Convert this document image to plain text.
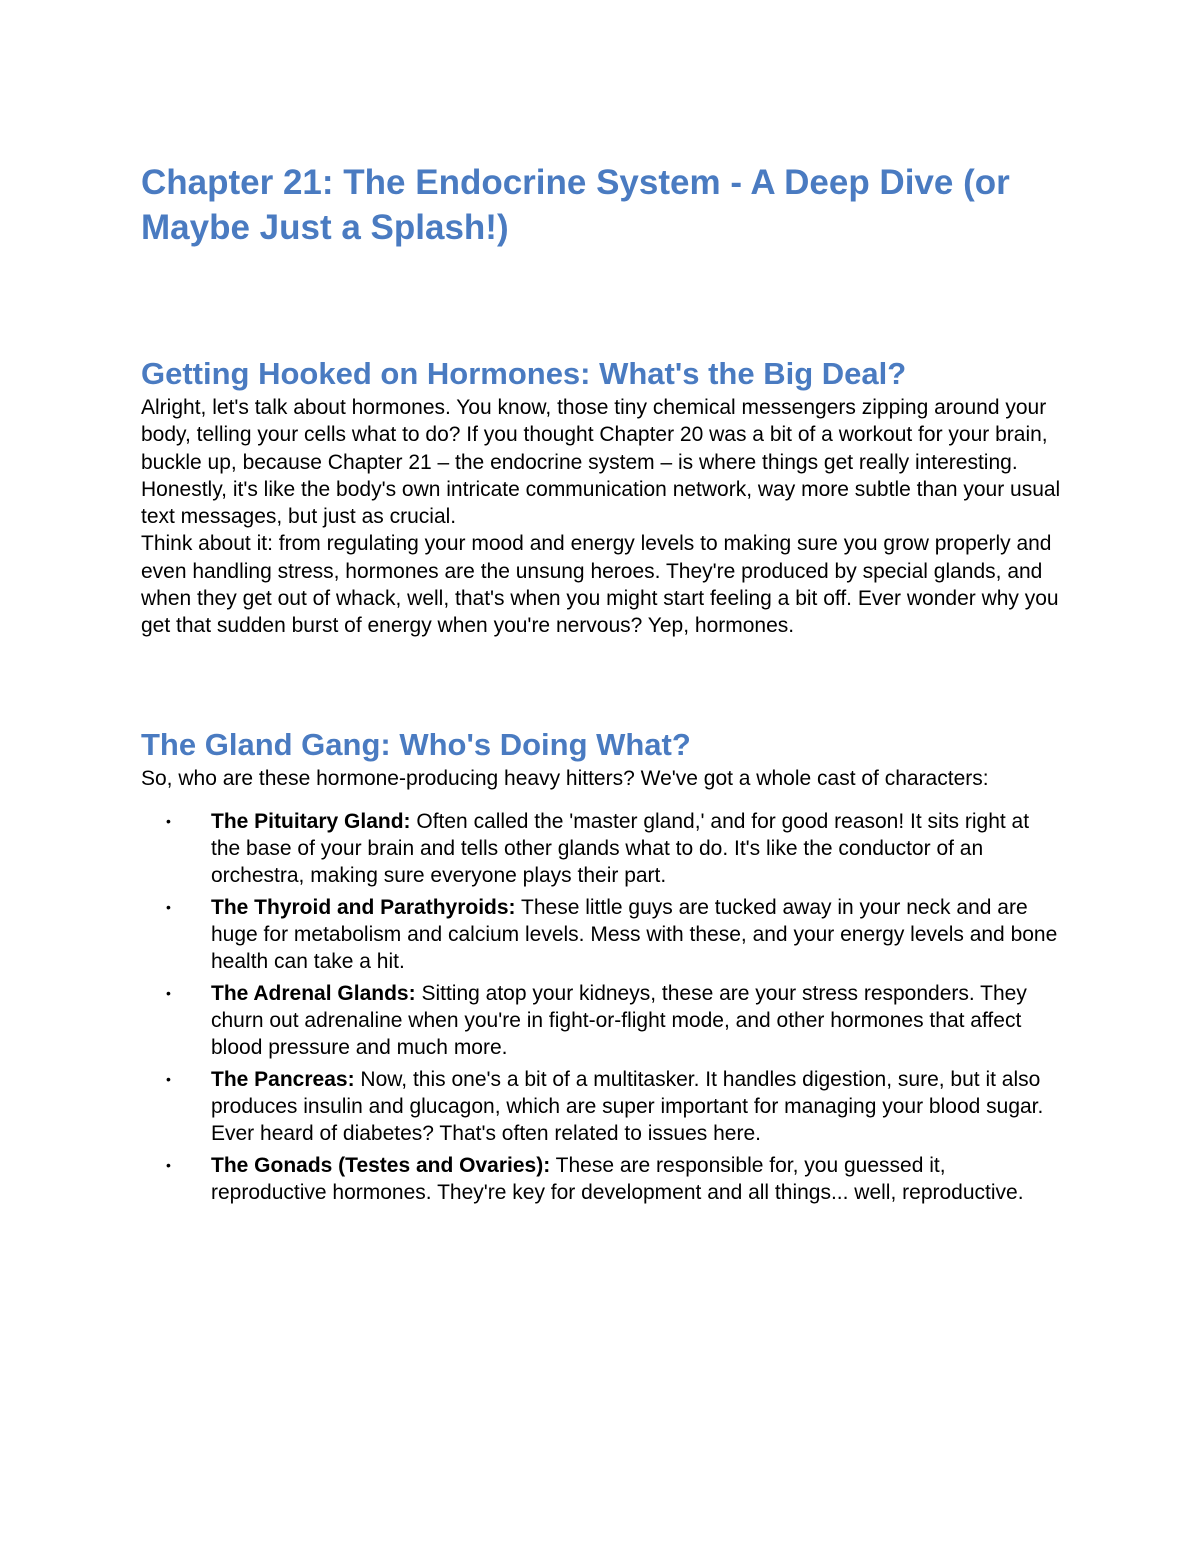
Chapter 21: The Endocrine System - A Deep Dive (or Maybe Just a Splash!)
Getting Hooked on Hormones: What's the Big Deal?

Alright, let's talk about hormones. You know, those tiny chemical messengers zipping around your body, telling your cells what to do? If you thought Chapter 20 was a bit of a workout for your brain, buckle up, because Chapter 21 – the endocrine system – is where things get really interesting. Honestly, it's like the body's own intricate communication network, way more subtle than your usual text messages, but just as crucial.

Think about it: from regulating your mood and energy levels to making sure you grow properly and even handling stress, hormones are the unsung heroes. They're produced by special glands, and when they get out of whack, well, that's when you might start feeling a bit off. Ever wonder why you get that sudden burst of energy when you're nervous? Yep, hormones.

The Gland Gang: Who's Doing What?

So, who are these hormone-producing heavy hitters? We've got a whole cast of characters:

• The Pituitary Gland: Often called the 'master gland,' and for good reason! It sits right at the base of your brain and tells other glands what to do. It's like the conductor of an orchestra, making sure everyone plays their part.
• The Thyroid and Parathyroids: These little guys are tucked away in your neck and are huge for metabolism and calcium levels. Mess with these, and your energy levels and bone health can take a hit.
• The Adrenal Glands: Sitting atop your kidneys, these are your stress responders. They churn out adrenaline when you're in fight-or-flight mode, and other hormones that affect blood pressure and much more.
• The Pancreas: Now, this one's a bit of a multitasker. It handles digestion, sure, but it also produces insulin and glucagon, which are super important for managing your blood sugar. Ever heard of diabetes? That's often related to issues here.
• The Gonads (Testes and Ovaries): These are responsible for, you guessed it, reproductive hormones. They're key for development and all things... well, reproductive.
